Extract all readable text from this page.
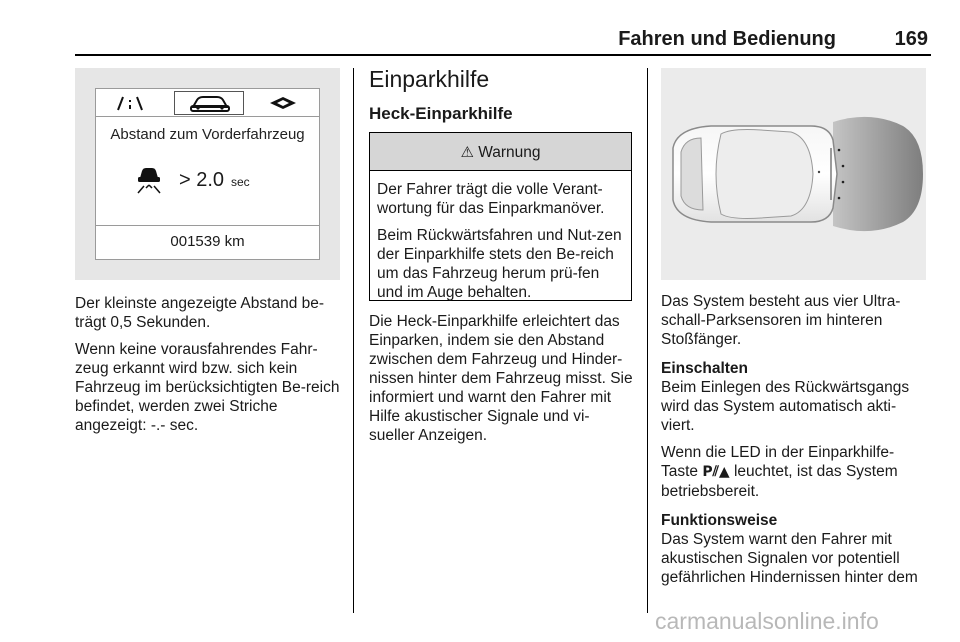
Fahren und Bedienung	169
Abstand zum Vorderfahrzeug
> 2.0 sec
001539 km

Der kleinste angezeigte Abstand be-trägt 0,5 Sekunden.

Wenn keine vorausfahrendes Fahr-zeug erkannt wird bzw. sich kein Fahrzeug im berücksichtigten Be-reich befindet, werden zwei Striche angezeigt: -.- sec.

Einparkhilfe
Heck-Einparkhilfe
⚠ Warnung

Der Fahrer trägt die volle Verant-wortung für das Einparkmanöver.

Beim Rückwärtsfahren und Nut-zen der Einparkhilfe stets den Be-reich um das Fahrzeug herum prü-fen und im Auge behalten.

Die Heck-Einparkhilfe erleichtert das Einparken, indem sie den Abstand zwischen dem Fahrzeug und Hinder-nissen hinter dem Fahrzeug misst. Sie informiert und warnt den Fahrer mit Hilfe akustischer Signale und vi-sueller Anzeigen.

Das System besteht aus vier Ultra-schall-Parksensoren im hinteren Stoßfänger.

Einschalten
Beim Einlegen des Rückwärtsgangs wird das System automatisch akti-viert.

Wenn die LED in der Einparkhilfe-Taste P⫽▲ leuchtet, ist das System betriebsbereit.

Funktionsweise
Das System warnt den Fahrer mit akustischen Signalen vor potentiell gefährlichen Hindernissen hinter dem

carmanualsonline.info
